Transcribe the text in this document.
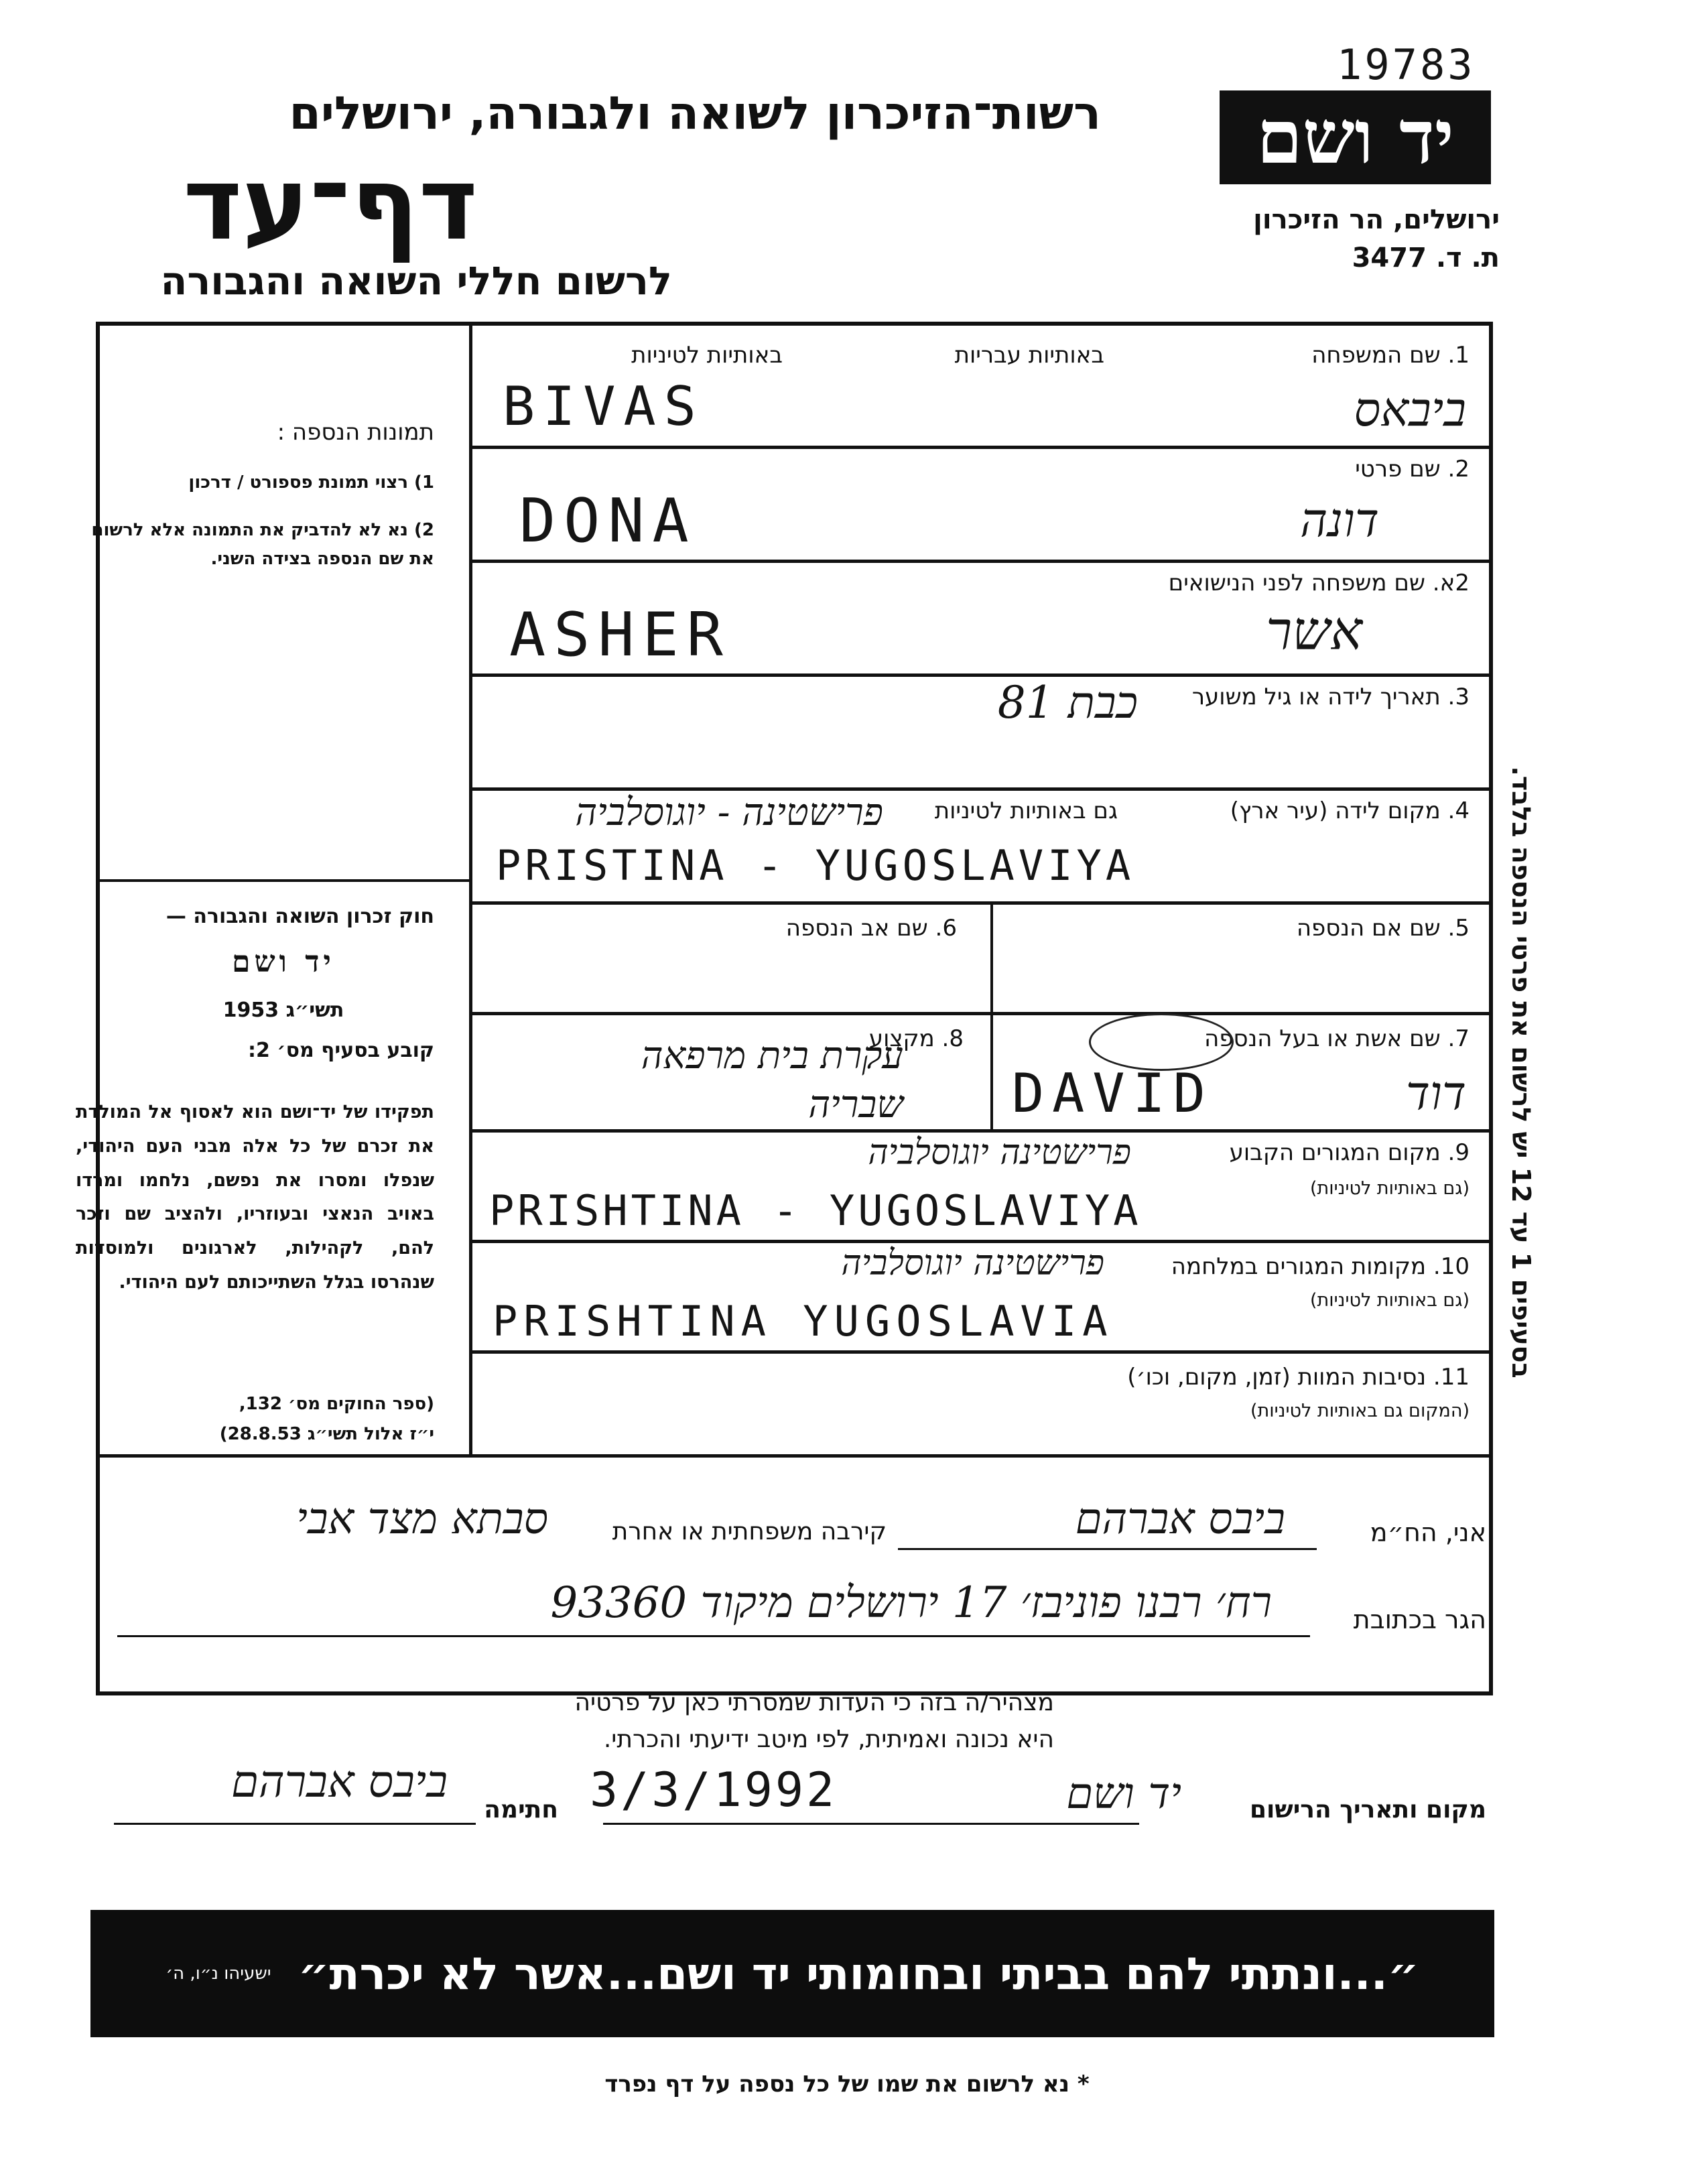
19783
רשות־הזיכרון לשואה ולגבורה, ירושלים
דף־עד
לרשום חללי השואה והגבורה
יד ושם
ירושלים, הר הזיכרון
ת. ד. 3477
בסעיפים 1 עד 12 יש לרשום את פרטי הנספה בלבד.
תמונות הנספה :
1) רצוי תמונת פספורט / דרכון
2) נא לא להדביק את התמונה אלא לרשום את שם הנספה בצידה השני.
חוק זכרון השואה והגבורה —
יד ושם
תשי״ג 1953
קובע בסעיף מס׳ 2:
תפקידו של יד־ושם הוא לאסוף אל המולדת את זכרם של כל אלה מבני העם היהודי, שנפלו ומסרו את נפשם, נלחמו ומרדו באויב הנאצי ובעוזריו, ולהציב שם וזכר להם, לקהילות, לארגונים ולמוסדות שנהרסו בגלל השתייכותם לעם היהודי.
(ספר החוקים מס׳ 132,
י״ז אלול תשי״ג 28.8.53)
1. שם המשפחה
באותיות עבריות
באותיות לטיניות
BIVAS	ביבאס
2. שם פרטי
DONA	דונה
2א. שם משפחה לפני הנישואים
ASHER	אשר
3. תאריך לידה או גיל משוער
כבת 81
4. מקום לידה (עיר ארץ)
גם באותיות לטיניות
פרישטינה - יוגוסלביה
PRISTINA - YUGOSLAVIYA
5. שם אם הנספה
6. שם אב הנספה
7. שם אשת או בעל הנספה
DAVID	דוד
8. מקצוע
עקרת בית מרפאה שבריה
9. מקום המגורים הקבוע
(גם באותיות לטיניות)
פרישטינה יוגוסלביה
PRISHTINA - YUGOSLAVIYA
10. מקומות המגורים במלחמה
(גם באותיות לטיניות)
פרישטינה יוגוסלביה
PRISHTINA YUGOSLAVIA
11. נסיבות המוות (זמן, מקום, וכו׳)
(המקום גם באותיות לטיניות)
אני, הח״מ
ביבס אברהם
קירבה משפחתית או אחרת
סבתא מצד אבי
הגר בכתובת
רח׳ רבנו פוניבז׳ 17 ירושלים מיקוד 93360
מצהיר/ה בזה כי העדות שמסרתי כאן על פרטיה
היא נכונה ואמיתית, לפי מיטב ידיעתי והכרתי.
מקום ותאריך הרישום
יד ושם
3/3/1992
חתימה
ביבס אברהם
״...ונתתי להם בביתי ובחומותי יד ושם...אשר לא יכרת״
ישעיהו נ״ו, ה׳
* נא לרשום את שמו של כל נספה על דף נפרד
